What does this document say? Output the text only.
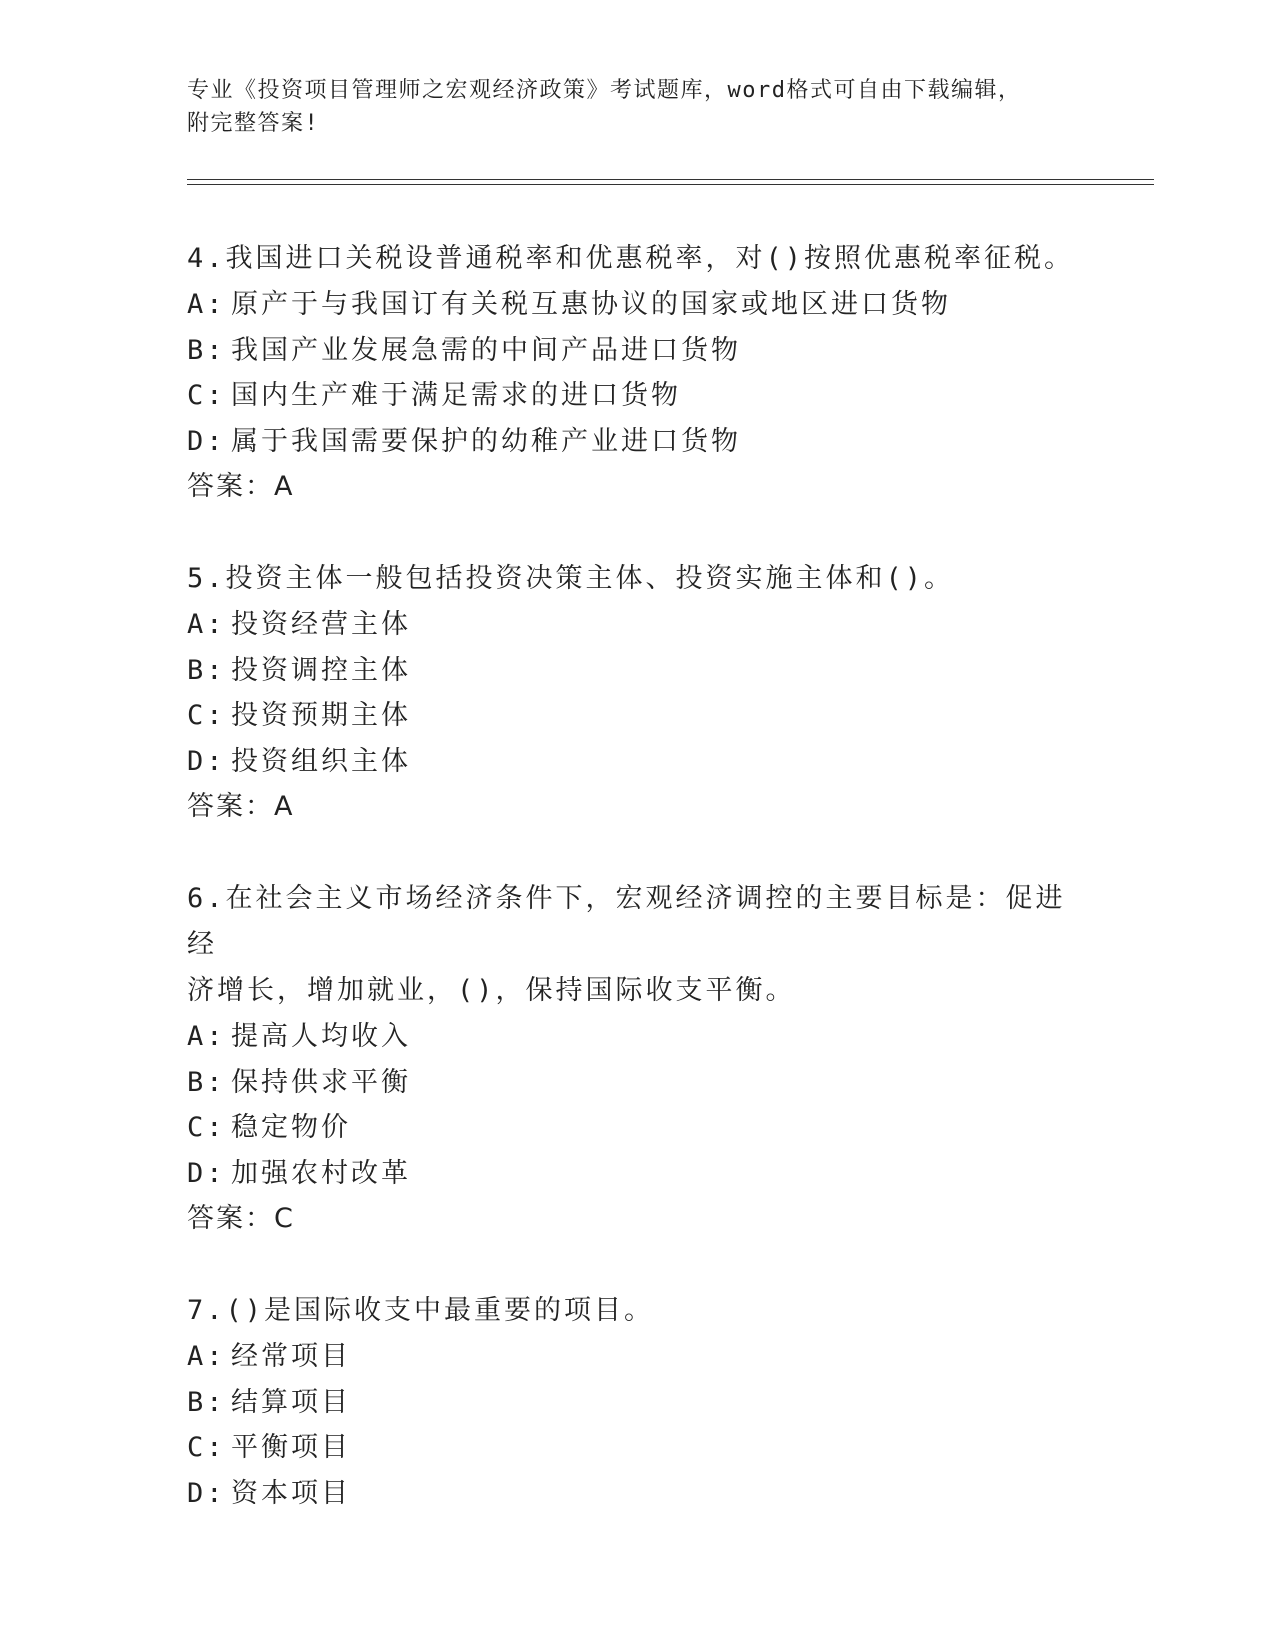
专业《投资项目管理师之宏观经济政策》考试题库，word格式可自由下载编辑，
附完整答案!
4.我国进口关税设普通税率和优惠税率，对()按照优惠税率征税。
A: 原产于与我国订有关税互惠协议的国家或地区进口货物
B: 我国产业发展急需的中间产品进口货物
C: 国内生产难于满足需求的进口货物
D: 属于我国需要保护的幼稚产业进口货物
答案：A
5.投资主体一般包括投资决策主体、投资实施主体和()。
A: 投资经营主体
B: 投资调控主体
C: 投资预期主体
D: 投资组织主体
答案：A
6.在社会主义市场经济条件下，宏观经济调控的主要目标是：促进经
济增长，增加就业，()，保持国际收支平衡。
A: 提高人均收入
B: 保持供求平衡
C: 稳定物价
D: 加强农村改革
答案：C
7.()是国际收支中最重要的项目。
A: 经常项目
B: 结算项目
C: 平衡项目
D: 资本项目
